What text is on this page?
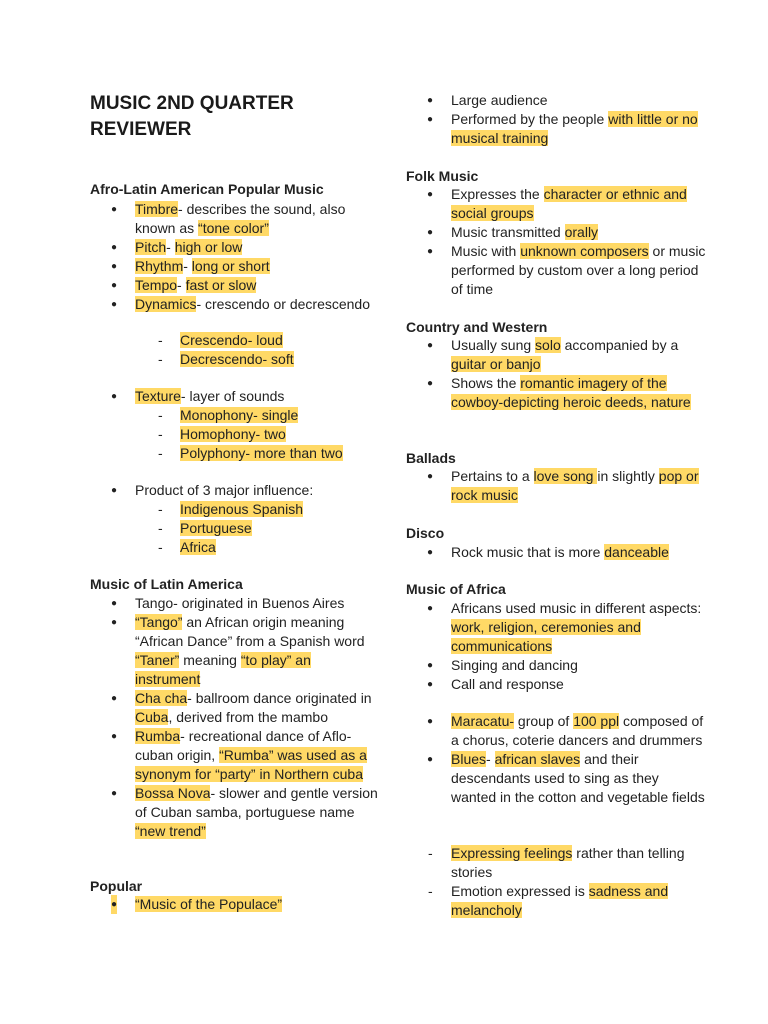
MUSIC 2ND QUARTER
REVIEWER
Afro-Latin American Popular Music
● Timbre- describes the sound, also known as “tone color”
● Pitch- high or low
● Rhythm- long or short
● Tempo- fast or slow
● Dynamics- crescendo or decrescendo
- Crescendo- loud
- Decrescendo- soft
● Texture- layer of sounds
- Monophony- single
- Homophony- two
- Polyphony- more than two
● Product of 3 major influence:
- Indigenous Spanish
- Portuguese
- Africa
Music of Latin America
● Tango- originated in Buenos Aires
● “Tango” an African origin meaning “African Dance” from a Spanish word “Taner” meaning “to play” an instrument
● Cha cha- ballroom dance originated in Cuba, derived from the mambo
● Rumba- recreational dance of Aflo-cuban origin, “Rumba” was used as a synonym for “party” in Northern cuba
● Bossa Nova- slower and gentle version of Cuban samba, portuguese name “new trend”
Popular
● “Music of the Populace”
● Large audience
● Performed by the people with little or no musical training
Folk Music
● Expresses the character or ethnic and social groups
● Music transmitted orally
● Music with unknown composers or music performed by custom over a long period of time
Country and Western
● Usually sung solo accompanied by a guitar or banjo
● Shows the romantic imagery of the cowboy-depicting heroic deeds, nature
Ballads
● Pertains to a love song in slightly pop or rock music
Disco
● Rock music that is more danceable
Music of Africa
● Africans used music in different aspects: work, religion, ceremonies and communications
● Singing and dancing
● Call and response
● Maracatu- group of 100 ppl composed of a chorus, coterie dancers and drummers
● Blues- african slaves and their descendants used to sing as they wanted in the cotton and vegetable fields
- Expressing feelings rather than telling stories
- Emotion expressed is sadness and melancholy
